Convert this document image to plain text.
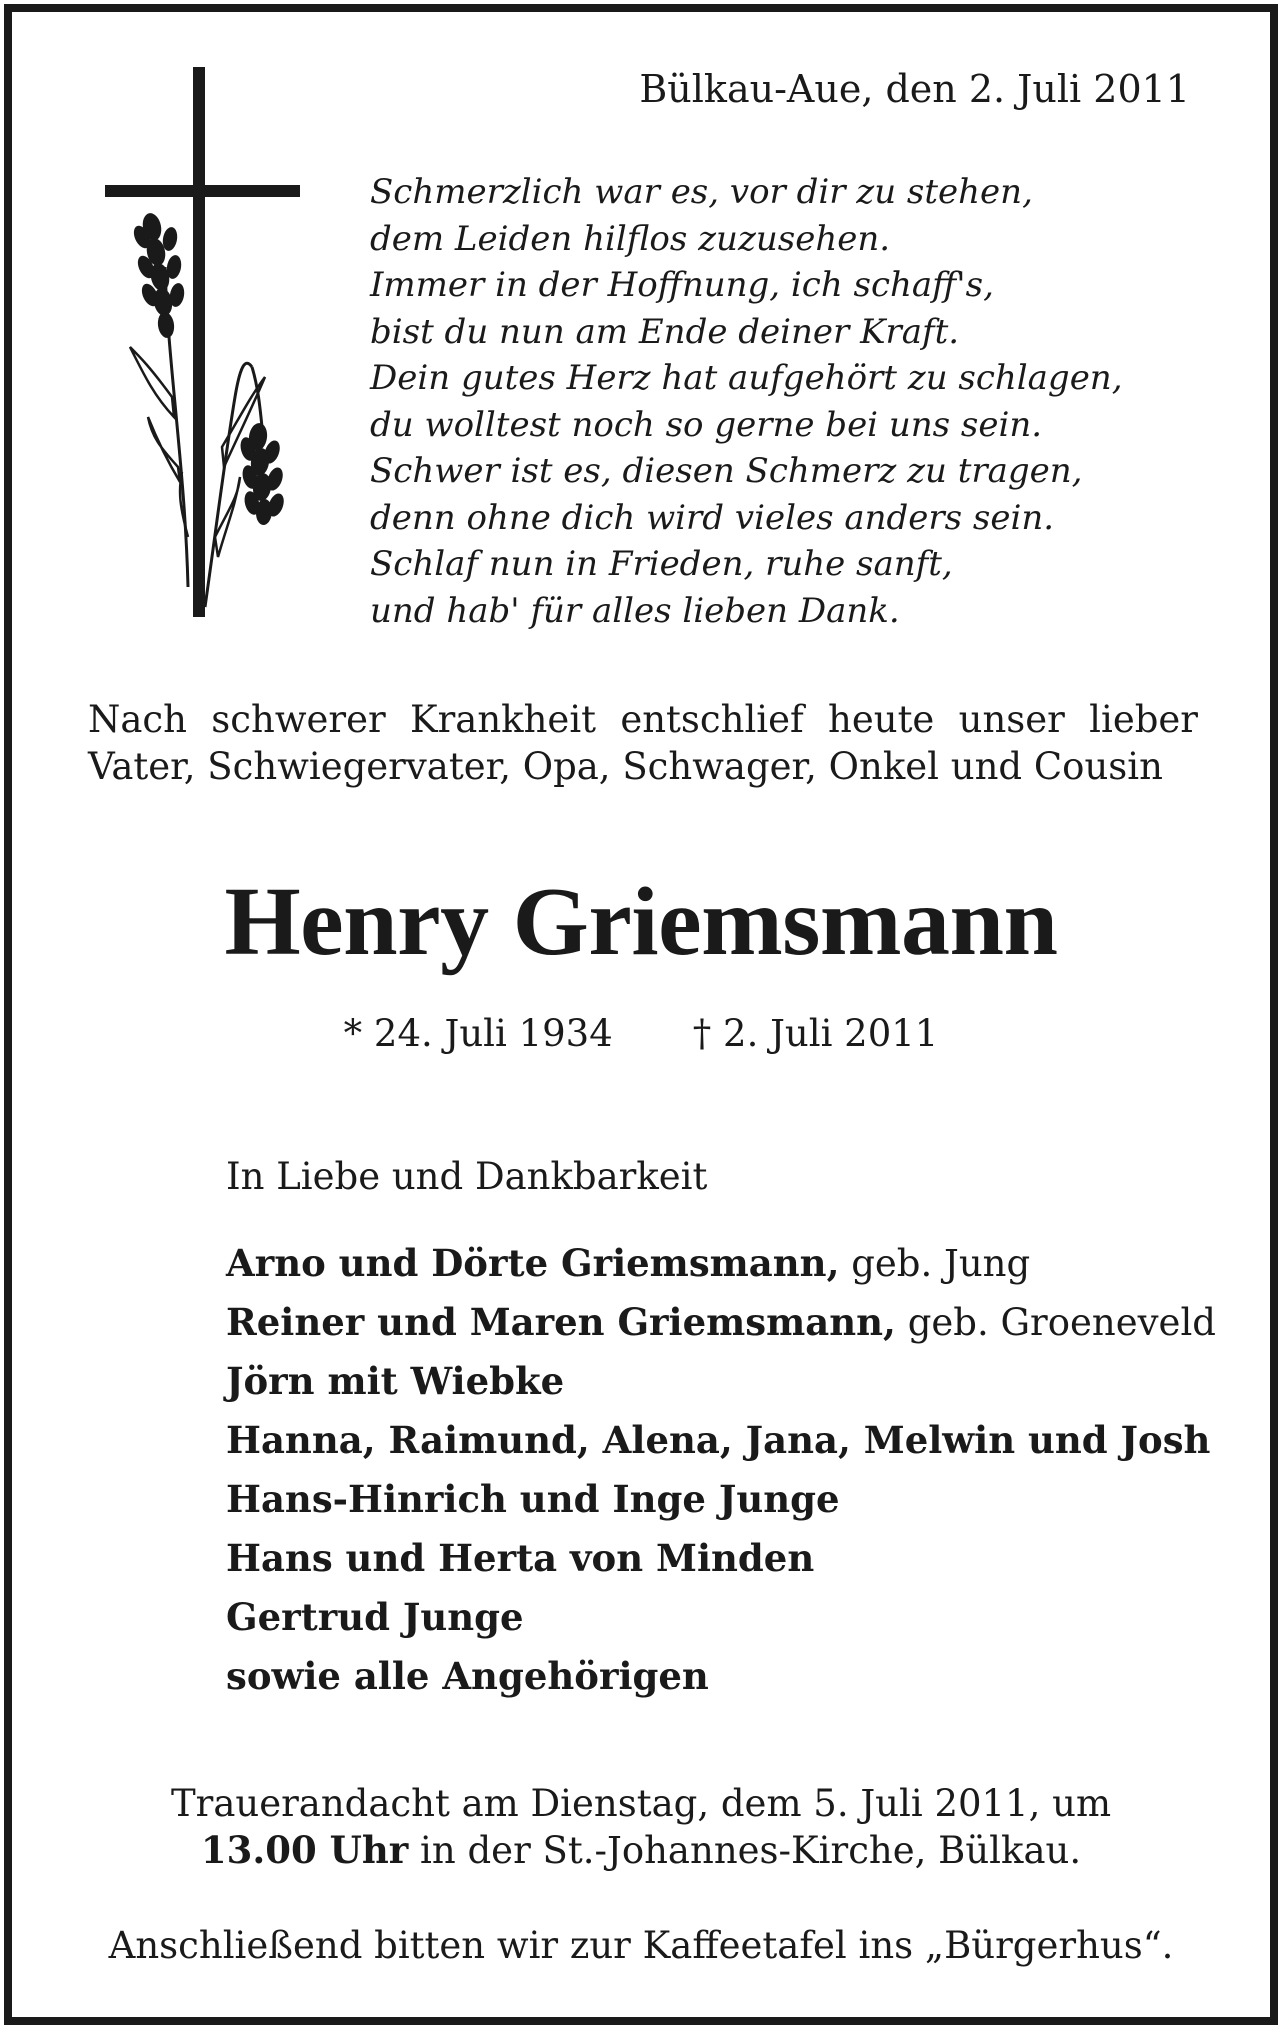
Bülkau-Aue, den 2. Juli 2011

Schmerzlich war es, vor dir zu stehen,
dem Leiden hilflos zuzusehen.
Immer in der Hoffnung, ich schaff's,
bist du nun am Ende deiner Kraft.
Dein gutes Herz hat aufgehört zu schlagen,
du wolltest noch so gerne bei uns sein.
Schwer ist es, diesen Schmerz zu tragen,
denn ohne dich wird vieles anders sein.
Schlaf nun in Frieden, ruhe sanft,
und hab' für alles lieben Dank.

Nach schwerer Krankheit entschlief heute unser lieber Vater, Schwiegervater, Opa, Schwager, Onkel und Cousin

Henry Griemsmann
* 24. Juli 1934 † 2. Juli 2011

In Liebe und Dankbarkeit

Arno und Dörte Griemsmann, geb. Jung
Reiner und Maren Griemsmann, geb. Groeneveld
Jörn mit Wiebke
Hanna, Raimund, Alena, Jana, Melwin und Josh
Hans-Hinrich und Inge Junge
Hans und Herta von Minden
Gertrud Junge
sowie alle Angehörigen

Trauerandacht am Dienstag, dem 5. Juli 2011, um
13.00 Uhr in der St.-Johannes-Kirche, Bülkau.

Anschließend bitten wir zur Kaffeetafel ins „Bürgerhus“.
